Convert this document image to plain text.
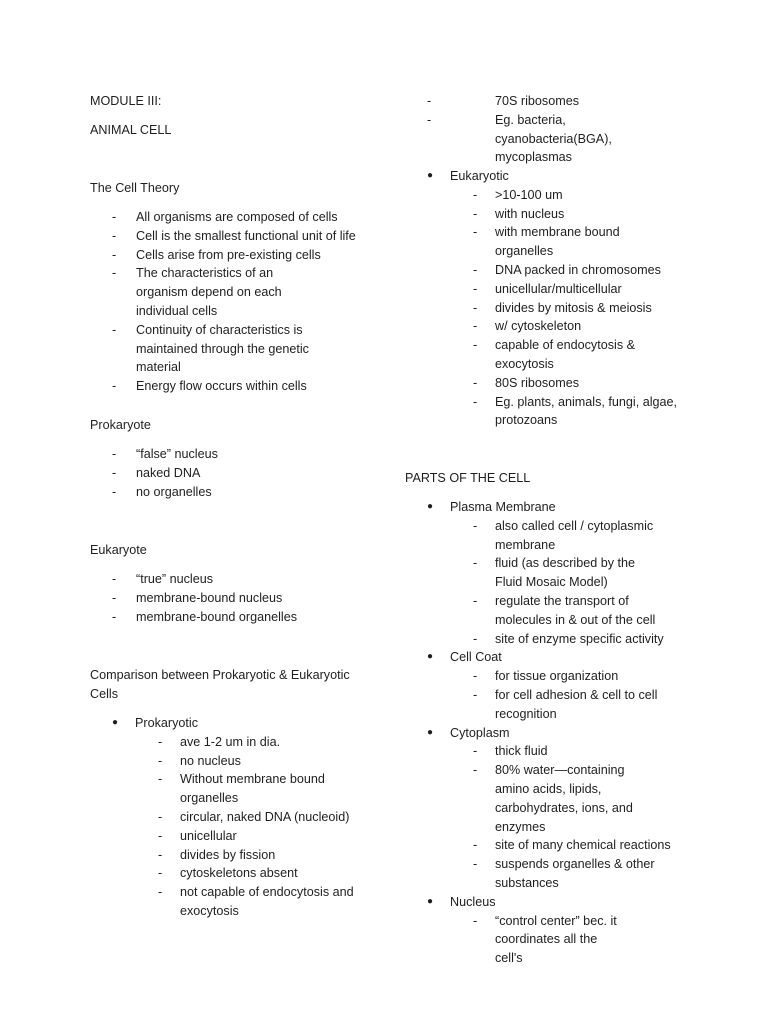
MODULE III:

ANIMAL CELL

The Cell Theory

- All organisms are composed of cells
- Cell is the smallest functional unit of life
- Cells arise from pre-existing cells
- The characteristics of an organism depend on each individual cells
- Continuity of characteristics is maintained through the genetic material
- Energy flow occurs within cells

Prokaryote

- “false” nucleus
- naked DNA
- no organelles

Eukaryote

- “true” nucleus
- membrane-bound nucleus
- membrane-bound organelles

Comparison between Prokaryotic & Eukaryotic Cells

● Prokaryotic
- ave 1-2 um in dia.
- no nucleus
- Without membrane bound organelles
- circular, naked DNA (nucleoid)
- unicellular
- divides by fission
- cytoskeletons absent
- not capable of endocytosis and exocytosis
- 70S ribosomes
- Eg. bacteria, cyanobacteria(BGA), mycoplasmas
● Eukaryotic
- >10-100 um
- with nucleus
- with membrane bound organelles
- DNA packed in chromosomes
- unicellular/multicellular
- divides by mitosis & meiosis
- w/ cytoskeleton
- capable of endocytosis & exocytosis
- 80S ribosomes
- Eg. plants, animals, fungi, algae, protozoans

PARTS OF THE CELL

● Plasma Membrane
- also called cell / cytoplasmic membrane
- fluid (as described by the Fluid Mosaic Model)
- regulate the transport of molecules in & out of the cell
- site of enzyme specific activity
● Cell Coat
- for tissue organization
- for cell adhesion & cell to cell recognition
● Cytoplasm
- thick fluid
- 80% water—containing amino acids, lipids, carbohydrates, ions, and enzymes
- site of many chemical reactions
- suspends organelles & other substances
● Nucleus
- “control center” bec. it coordinates all the cell's
